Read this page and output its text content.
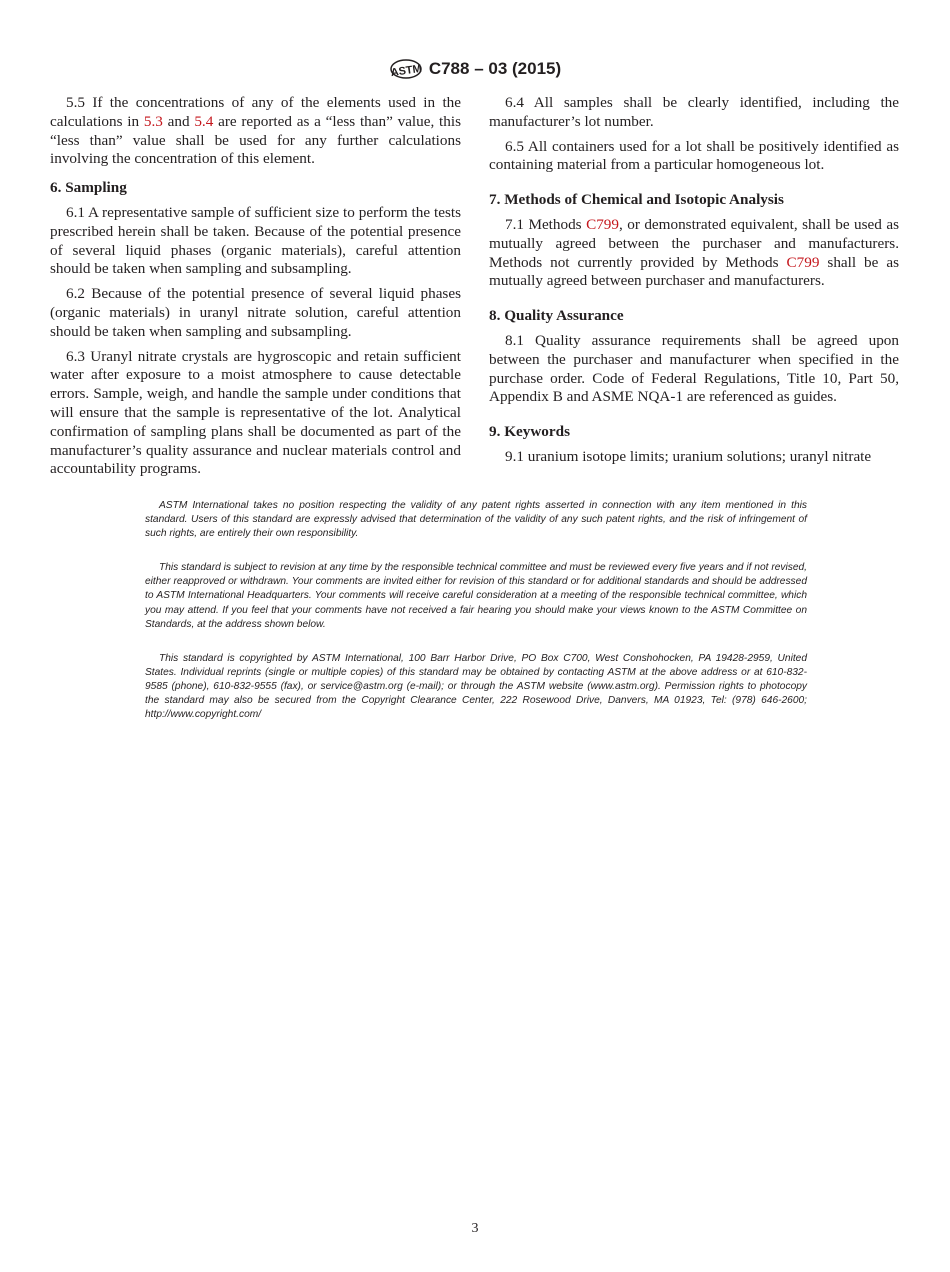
ASTM C788 – 03 (2015)

5.5 If the concentrations of any of the elements used in the calculations in 5.3 and 5.4 are reported as a “less than” value, this “less than” value shall be used for any further calculations involving the concentration of this element.

6. Sampling

6.1 A representative sample of sufficient size to perform the tests prescribed herein shall be taken. Because of the potential presence of several liquid phases (organic materials), careful attention should be taken when sampling and subsampling.

6.2 Because of the potential presence of several liquid phases (organic materials) in uranyl nitrate solution, careful attention should be taken when sampling and subsampling.

6.3 Uranyl nitrate crystals are hygroscopic and retain sufficient water after exposure to a moist atmosphere to cause detectable errors. Sample, weigh, and handle the sample under conditions that will ensure that the sample is representative of the lot. Analytical confirmation of sampling plans shall be documented as part of the manufacturer’s quality assurance and nuclear materials control and accountability programs.

6.4 All samples shall be clearly identified, including the manufacturer’s lot number.

6.5 All containers used for a lot shall be positively identified as containing material from a particular homogeneous lot.

7. Methods of Chemical and Isotopic Analysis

7.1 Methods C799, or demonstrated equivalent, shall be used as mutually agreed between the purchaser and manufacturers. Methods not currently provided by Methods C799 shall be as mutually agreed between purchaser and manufacturers.

8. Quality Assurance

8.1 Quality assurance requirements shall be agreed upon between the purchaser and manufacturer when specified in the purchase order. Code of Federal Regulations, Title 10, Part 50, Appendix B and ASME NQA-1 are referenced as guides.

9. Keywords

9.1 uranium isotope limits; uranium solutions; uranyl nitrate

ASTM International takes no position respecting the validity of any patent rights asserted in connection with any item mentioned in this standard. Users of this standard are expressly advised that determination of the validity of any such patent rights, and the risk of infringement of such rights, are entirely their own responsibility.

This standard is subject to revision at any time by the responsible technical committee and must be reviewed every five years and if not revised, either reapproved or withdrawn. Your comments are invited either for revision of this standard or for additional standards and should be addressed to ASTM International Headquarters. Your comments will receive careful consideration at a meeting of the responsible technical committee, which you may attend. If you feel that your comments have not received a fair hearing you should make your views known to the ASTM Committee on Standards, at the address shown below.

This standard is copyrighted by ASTM International, 100 Barr Harbor Drive, PO Box C700, West Conshohocken, PA 19428-2959, United States. Individual reprints (single or multiple copies) of this standard may be obtained by contacting ASTM at the above address or at 610-832-9585 (phone), 610-832-9555 (fax), or service@astm.org (e-mail); or through the ASTM website (www.astm.org). Permission rights to photocopy the standard may also be secured from the Copyright Clearance Center, 222 Rosewood Drive, Danvers, MA 01923, Tel: (978) 646-2600; http://www.copyright.com/

3
